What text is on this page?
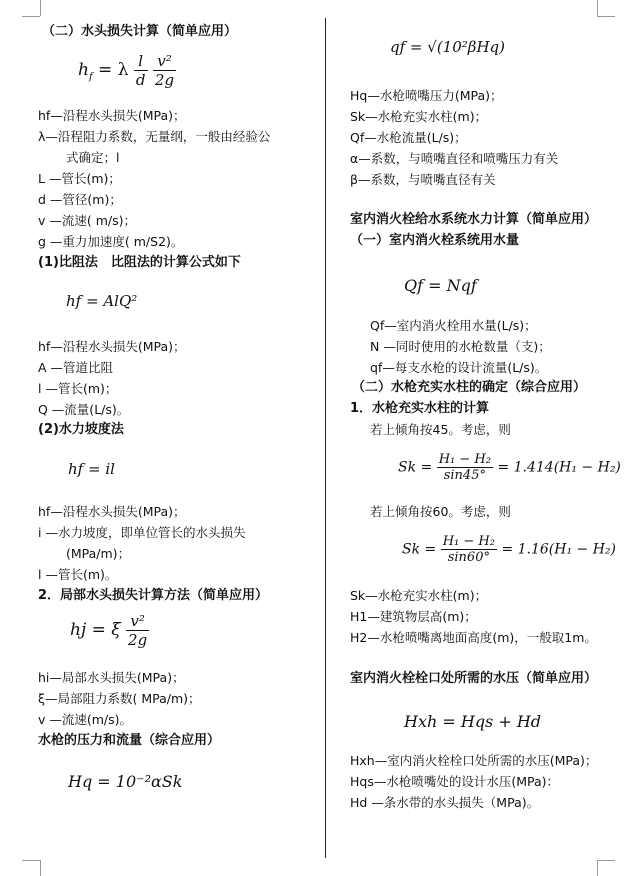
（二）水头损失计算（简单应用）
$h_f = \lambda \frac{l}{d}$
$\frac{\text{v²}}{2g}$
hf—沿程水头损失(MPa)；
λ—沿程阻力系数，无量纲，一般由经验公
式确定；l
L —管长(m)；
d —管径(m)；
v —流速( m/s)；
g —重力加速度( m/S2)。
(1)比阻法　比阻法的计算公式如下
hf = AlQ²
hf—沿程水头损失(MPa)；
A —管道比阻
l —管长(m)；
Q —流量(L/s)。
(2)水力坡度法
hf = il
hf—沿程水头损失(MPa)；
i —水力坡度，即单位管长的水头损失
(MPa/m)；
l —管长(m)。
2．局部水头损失计算方法（简单应用）
hj = ξ $\frac{\text{v²}}{2g}$
hi—局部水头损失(MPa)；
ξ—局部阻力系数( MPa/m)；
v —流速(m/s)。
水枪的压力和流量（综合应用）
Hq = 10⁻²αSk
qf = √(10²βHq)
Hq—水枪喷嘴压力(MPa)；
Sk—水枪充实水柱(m)；
Qf—水枪流量(L/s)；
α—系数，与喷嘴直径和喷嘴压力有关
β—系数，与喷嘴直径有关
室内消火栓给水系统水力计算（简单应用）
（一）室内消火栓系统用水量
Qf = Nqf
Qf—室内消火栓用水量(L/s)；
N —同时使用的水枪数量（支)；
qf—每支水枪的设计流量(L/s)。
（二）水枪充实水柱的确定（综合应用）
1．水枪充实水柱的计算
若上倾角按45。考虑，则
$Sk = \frac{\text{H₁ − H₂}}{\sin 45^\circ} = 1.414(H_1 - H_2)$
若上倾角按60。考虑，则
$Sk = \frac{\text{H₁ − H₂}}{\sin 60^\circ} = 1.16(H_1 - H_2)$
Sk—水枪充实水柱(m)；
H1—建筑物层高(m)；
H2—水枪喷嘴离地面高度(m)，一般取1m。
室内消火栓栓口处所需的水压（简单应用）
Hxh = Hqs + Hd
Hxh—室内消火栓栓口处所需的水压(MPa)；
Hqs—水枪喷嘴处的设计水压(MPa)：
Hd —条水带的水头损失（MPa)。
